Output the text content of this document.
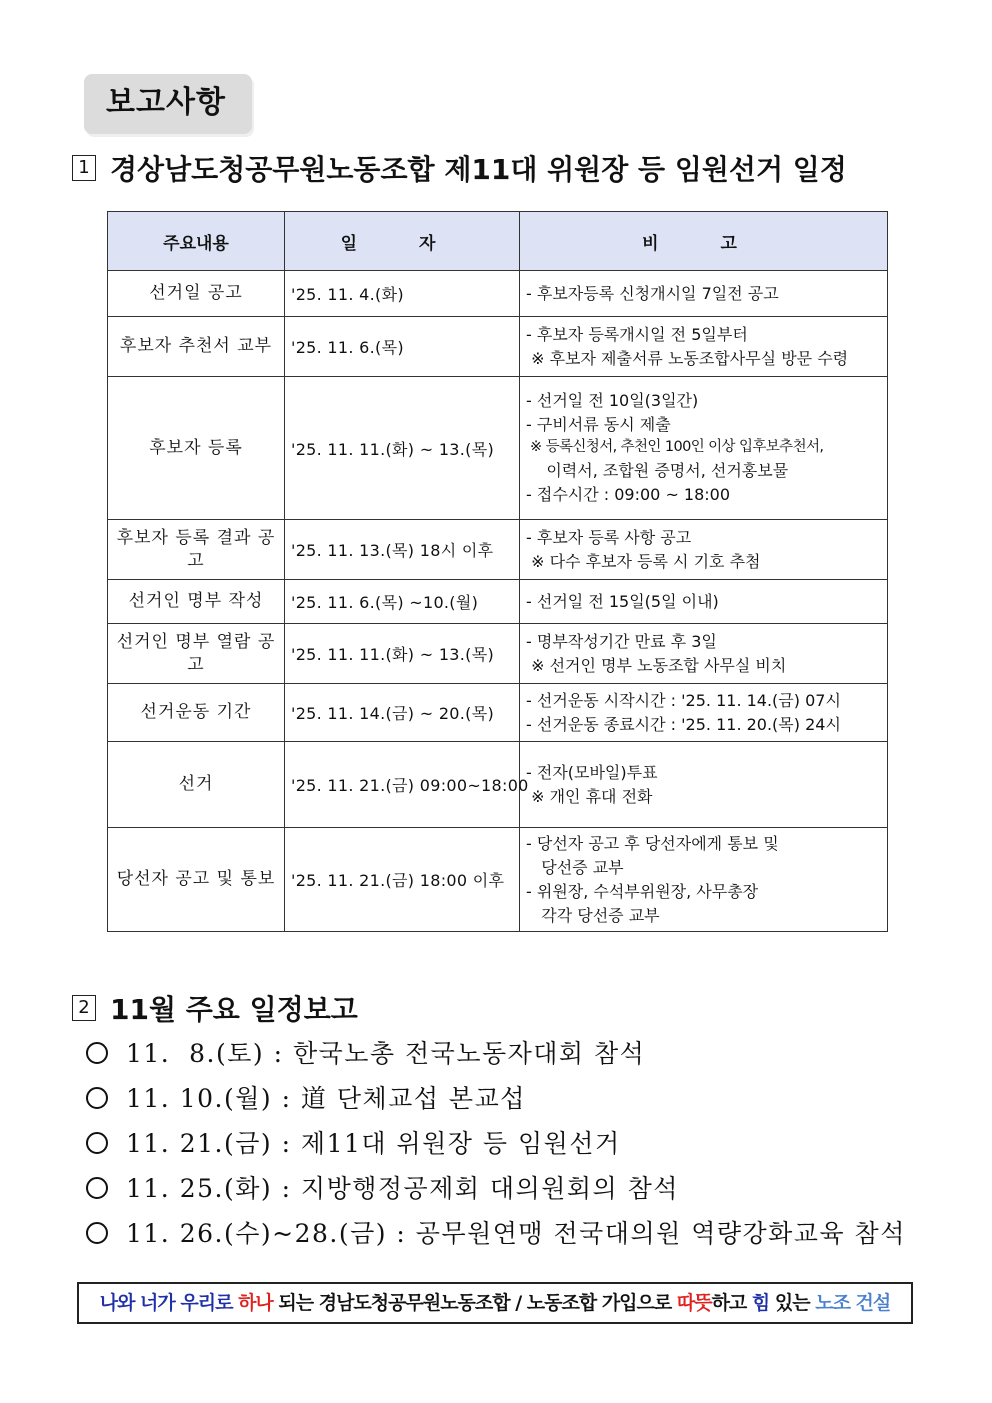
보고사항
1 경상남도청공무원노동조합 제11대 위원장 등 임원선거 일정
주요내용	일 자	비 고
선거일 공고	'25. 11. 4.(화)	- 후보자등록 신청개시일 7일전 공고

후보자 추천서 교부	'25. 11. 6.(목)	- 후보자 등록개시일 전 5일부터
※ 후보자 제출서류 노동조합사무실 방문 수령

후보자 등록	'25. 11. 11.(화) ~ 13.(목)	- 선거일 전 10일(3일간)
- 구비서류 동시 제출
※ 등록신청서, 추천인 100인 이상 입후보추천서,
이력서, 조합원 증명서, 선거홍보물
- 접수시간 : 09:00 ~ 18:00

후보자 등록 결과 공고	'25. 11. 13.(목) 18시 이후	- 후보자 등록 사항 공고
※ 다수 후보자 등록 시 기호 추첨

선거인 명부 작성	'25. 11. 6.(목) ~10.(월)	- 선거일 전 15일(5일 이내)

선거인 명부 열람 공고	'25. 11. 11.(화) ~ 13.(목)	- 명부작성기간 만료 후 3일
※ 선거인 명부 노동조합 사무실 비치

선거운동 기간	'25. 11. 14.(금) ~ 20.(목)	- 선거운동 시작시간 : '25. 11. 14.(금) 07시
- 선거운동 종료시간 : '25. 11. 20.(목) 24시

선거	'25. 11. 21.(금) 09:00~18:00	- 전자(모바일)투표
※ 개인 휴대 전화

당선자 공고 및 통보	'25. 11. 21.(금) 18:00 이후	- 당선자 공고 후 당선자에게 통보 및
당선증 교부
- 위원장, 수석부위원장, 사무총장
각각 당선증 교부
2 11월 주요 일정보고
11.  8.(토) : 한국노총 전국노동자대회 참석
11. 10.(월) : 道 단체교섭 본교섭
11. 21.(금) : 제11대 위원장 등 임원선거
11. 25.(화) : 지방행정공제회 대의원회의 참석
11. 26.(수)~28.(금) : 공무원연맹 전국대의원 역량강화교육 참석
나와 너가 우리로 하나 되는 경남도청공무원노동조합 / 노동조합 가입으로 따뜻하고 힘 있는 노조 건설
